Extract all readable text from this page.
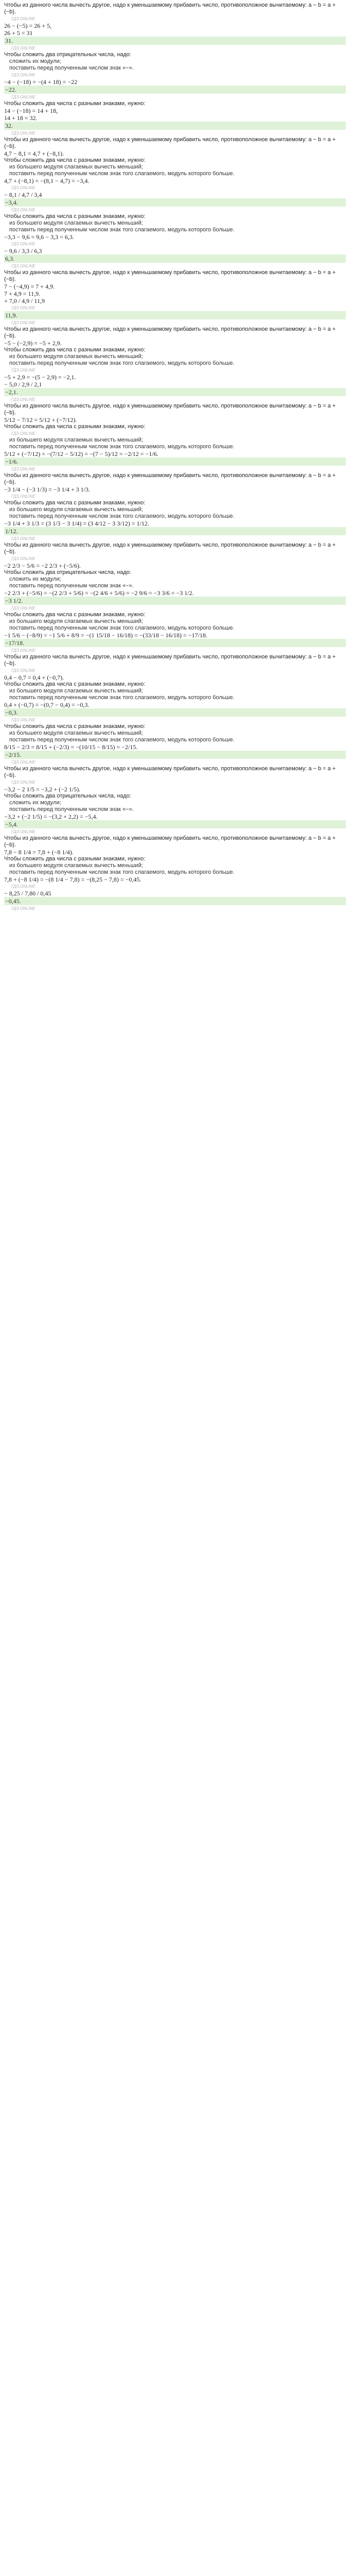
Чтобы из данного числа вычесть другое, надо к уменьшаемому прибавить число, противоположное вычитаемому: a − b = a + (−b).
ГДЗ.ONLINE
26 − (−5) = 26 + 5,
26 + 5 = 31
31.
ГДЗ.ONLINE
Чтобы сложить два отрицательных числа, надо:
сложить их модули;
поставить перед полученным числом знак «−».
ГДЗ.ONLINE
−4 − (−18) = −(4 + 18) = −22
−22.
ГДЗ.ONLINE
Чтобы сложить два числа с разными знаками, нужно:
14 − (−18) = 14 + 18,
14 + 18 = 32.
32.
ГДЗ.ONLINE
Чтобы из данного числа вычесть другое, надо к уменьшаемому прибавить число, противоположное вычитаемому: a − b = a + (−b).
4,7 − 8,1 = 4,7 + (−8,1).
Чтобы сложить два числа с разными знаками, нужно:
из большего модуля слагаемых вычесть меньший;
поставить перед полученным числом знак того слагаемого, модуль которого больше.
4,7 + (−8,1) = −(8,1 − 4,7) = −3,4.
ГДЗ.ONLINE
− 8,1 / 4,7 / 3,4
−3,4.
ГДЗ.ONLINE
Чтобы сложить два числа с разными знаками, нужно:
из большего модуля слагаемых вычесть меньший;
поставить перед полученным числом знак того слагаемого, модуль которого больше.
−3,3 − 9,6 = 9,6 − 3,3 = 6,3.
ГДЗ.ONLINE
− 9,6 / 3,3 / 6,3
6,3.
ГДЗ.ONLINE
Чтобы из данного числа вычесть другое, надо к уменьшаемому прибавить число, противоположное вычитаемому: a − b = a + (−b).
7 − (−4,9) = 7 + 4,9.
7 + 4,9 = 11,9.
+ 7,0 / 4,9 / 11,9
ГДЗ.ONLINE
11,9.
ГДЗ.ONLINE
Чтобы из данного числа вычесть другое, надо к уменьшаемому прибавить число, противоположное вычитаемому: a − b = a + (−b).
−5 − (−2,9) = −5 + 2,9.
Чтобы сложить два числа с разными знаками, нужно:
из большего модуля слагаемых вычесть меньший;
поставить перед полученным числом знак того слагаемого, модуль которого больше.
ГДЗ.ONLINE
−5 + 2,9 = −(5 − 2,9) = −2,1.
− 5,0 / 2,9 / 2,1
−2,1.
ГДЗ.ONLINE
Чтобы из данного числа вычесть другое, надо к уменьшаемому прибавить число, противоположное вычитаемому: a − b = a + (−b).
5/12 − 7/12 = 5/12 + (−7/12).
Чтобы сложить два числа с разными знаками, нужно:
ГДЗ.ONLINE
из большего модуля слагаемых вычесть меньший;
поставить перед полученным числом знак того слагаемого, модуль которого больше.
5/12 + (−7/12) = −(7/12 − 5/12) = −(7 − 5)/12 = −2/12 = −1/6.
−1/6.
ГДЗ.ONLINE
Чтобы из данного числа вычесть другое, надо к уменьшаемому прибавить число, противоположное вычитаемому: a − b = a + (−b).
−3 1/4 − (−3 1/3) = −3 1/4 + 3 1/3.
ГДЗ.ONLINE
Чтобы сложить два числа с разными знаками, нужно:
из большего модуля слагаемых вычесть меньший;
поставить перед полученным числом знак того слагаемого, модуль которого больше.
−3 1/4 + 3 1/3 = (3 1/3 − 3 1/4) = (3 4/12 − 3 3/12) = 1/12.
1/12.
ГДЗ.ONLINE
Чтобы из данного числа вычесть другое, надо к уменьшаемому прибавить число, противоположное вычитаемому: a − b = a + (−b).
ГДЗ.ONLINE
−2 2/3 − 5/6 = −2 2/3 + (−5/6).
Чтобы сложить два отрицательных числа, надо:
сложить их модули;
поставить перед полученным числом знак «−».
−2 2/3 + (−5/6) = −(2 2/3 + 5/6) = −(2 4/6 + 5/6) = −2 9/6 = −3 3/6 = −3 1/2.
−3 1/2.
ГДЗ.ONLINE
Чтобы сложить два числа с разными знаками, нужно:
из большего модуля слагаемых вычесть меньший;
поставить перед полученным числом знак того слагаемого, модуль которого больше.
−1 5/6 − (−8/9) = −1 5/6 + 8/9 = −(1 15/18 − 16/18) = −(33/18 − 16/18) = −17/18.
−17/18.
ГДЗ.ONLINE
Чтобы из данного числа вычесть другое, надо к уменьшаемому прибавить число, противоположное вычитаемому: a − b = a + (−b).
ГДЗ.ONLINE
0,4 − 0,7 = 0,4 + (−0,7).
Чтобы сложить два числа с разными знаками, нужно:
из большего модуля слагаемых вычесть меньший;
поставить перед полученным числом знак того слагаемого, модуль которого больше.
0,4 + (−0,7) = −(0,7 − 0,4) = −0,3.
−0,3.
ГДЗ.ONLINE
Чтобы сложить два числа с разными знаками, нужно:
из большего модуля слагаемых вычесть меньший;
поставить перед полученным числом знак того слагаемого, модуль которого больше.
8/15 − 2/3 = 8/15 + (−2/3) = −(10/15 − 8/15) = −2/15.
−2/15.
ГДЗ.ONLINE
Чтобы из данного числа вычесть другое, надо к уменьшаемому прибавить число, противоположное вычитаемому: a − b = a + (−b).
ГДЗ.ONLINE
−3,2 − 2 1/5 = −3,2 + (−2 1/5).
Чтобы сложить два отрицательных числа, надо:
сложить их модули;
поставить перед полученным числом знак «−».
−3,2 + (−2 1/5) = −(3,2 + 2,2) = −5,4.
−5,4.
ГДЗ.ONLINE
Чтобы из данного числа вычесть другое, надо к уменьшаемому прибавить число, противоположное вычитаемому: a − b = a + (−b).
7,8 − 8 1/4 = 7,8 + (−8 1/4).
Чтобы сложить два числа с разными знаками, нужно:
из большего модуля слагаемых вычесть меньший;
поставить перед полученным числом знак того слагаемого, модуль которого больше.
7,8 + (−8 1/4) = −(8 1/4 − 7,8) = −(8,25 − 7,8) = −0,45.
ГДЗ.ONLINE
− 8,25 / 7,80 / 0,45
−0,45.
ГДЗ.ONLINE
